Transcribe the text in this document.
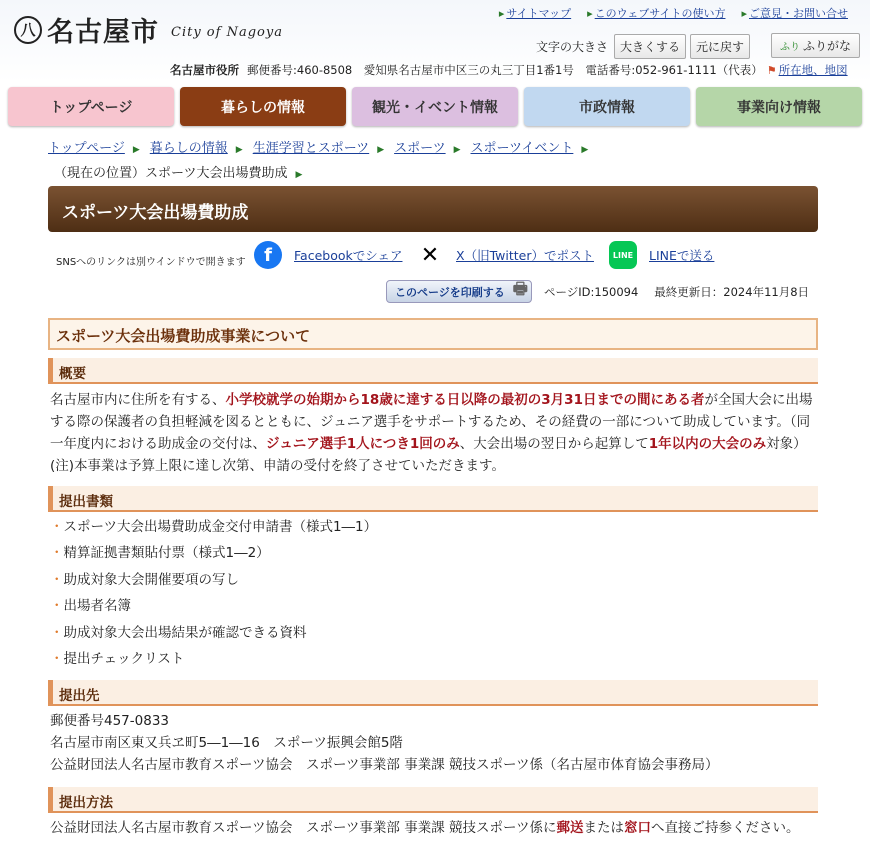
八 名古屋市 City of Nagoya
▸ サイトマップ	▸ このウェブサイトの使い方	▸ ご意見・お問い合せ
文字の大きさ	大きくする	元に戻す	ふり ふりがな
名古屋市役所 郵便番号:460-8508　愛知県名古屋市中区三の丸三丁目1番1号　電話番号:052-961-1111（代表） ⚑ 所在地、地図
トップページ	暮らしの情報	観光・イベント情報	市政情報	事業向け情報
トップページ ▶ 暮らしの情報 ▶ 生涯学習とスポーツ ▶ スポーツ ▶ スポーツイベント ▶
（現在の位置）スポーツ大会出場費助成 ▶
スポーツ大会出場費助成
SNSへのリンクは別ウインドウで開きます	f	Facebookでシェア ✕	X（旧Twitter）でポスト	LINE	LINEで送る
このページを印刷する 🖶 ページID:150094 最終更新日：2024年11月8日
スポーツ大会出場費助成事業について
概要
名古屋市内に住所を有する、小学校就学の始期から18歳に達する日以降の最初の3月31日までの間にある者が全国大会に出場する際の保護者の負担軽減を図るとともに、ジュニア選手をサポートするため、その経費の一部について助成しています。（同一年度内における助成金の交付は、ジュニア選手1人につき1回のみ、大会出場の翌日から起算して1年以内の大会のみ対象）　(注)本事業は予算上限に達し次第、申請の受付を終了させていただきます。
提出書類
・ スポーツ大会出場費助成金交付申請書（様式1―1）
・ 精算証拠書類貼付票（様式1―2）
・ 助成対象大会開催要項の写し
・ 出場者名簿
・ 助成対象大会出場結果が確認できる資料
・ 提出チェックリスト
提出先
郵便番号457-0833
名古屋市南区東又兵ヱ町5―1―16　スポーツ振興会館5階
公益財団法人名古屋市教育スポーツ協会　スポーツ事業部 事業課 競技スポーツ係（名古屋市体育協会事務局）
提出方法
公益財団法人名古屋市教育スポーツ協会　スポーツ事業部 事業課 競技スポーツ係に郵送または窓口へ直接ご持参ください。
